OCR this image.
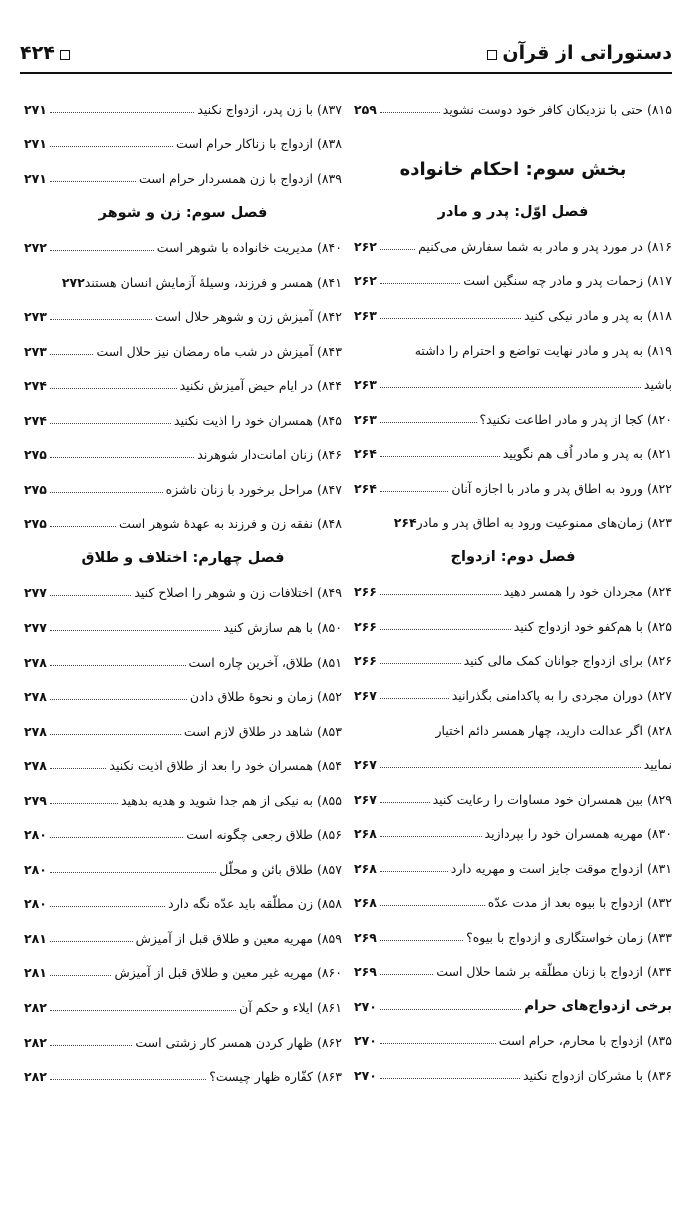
دستوراتی از قرآن
۴۲۴
۸۱۵) حتی با نزدیکان کافر خود دوست نشوید
۲۵۹
بخش سوم: احکام خانواده
فصل اوّل: پدر و مادر
۸۱۶) در مورد پدر و مادر به شما سفارش می‌کنیم
۲۶۲
۸۱۷) زحمات پدر و مادر چه سنگین است
۲۶۲
۸۱۸) به پدر و مادر نیکی کنید
۲۶۳
۸۱۹) به پدر و مادر نهایت تواضع و احترام را داشته
باشید
۲۶۳
۸۲۰) کجا از پدر و مادر اطاعت نکنید؟
۲۶۳
۸۲۱) به پدر و مادر اُف هم نگویید
۲۶۴
۸۲۲) ورود به اطاق پدر و مادر با اجازه آنان
۲۶۴
۸۲۳) زمان‌های ممنوعیت ورود به اطاق پدر و مادر
۲۶۴
فصل دوم: ازدواج
۸۲۴) مجردان خود را همسر دهید
۲۶۶
۸۲۵) با هم‌کفو خود ازدواج کنید
۲۶۶
۸۲۶) برای ازدواج جوانان کمک مالی کنید
۲۶۶
۸۲۷) دوران مجردی را به پاکدامنی بگذرانید
۲۶۷
۸۲۸) اگر عدالت دارید، چهار همسر دائم اختیار
نمایید
۲۶۷
۸۲۹) بین همسران خود مساوات را رعایت کنید
۲۶۷
۸۳۰) مهریه همسران خود را بپردازید
۲۶۸
۸۳۱) ازدواج موقت جایز است و مهریه دارد
۲۶۸
۸۳۲) ازدواج با بیوه بعد از مدت عدّه
۲۶۸
۸۳۳) زمان خواستگاری و ازدواج با بیوه؟
۲۶۹
۸۳۴) ازدواج با زنان مطلّقه بر شما حلال است
۲۶۹
برخی ازدواج‌های حرام
۲۷۰
۸۳۵) ازدواج با محارم، حرام است
۲۷۰
۸۳۶) با مشرکان ازدواج نکنید
۲۷۰
۸۳۷) با زن پدر، ازدواج نکنید
۲۷۱
۸۳۸) ازدواج با زناکار حرام است
۲۷۱
۸۳۹) ازدواج با زن همسردار حرام است
۲۷۱
فصل سوم: زن و شوهر
۸۴۰) مدیریت خانواده با شوهر است
۲۷۲
۸۴۱) همسر و فرزند، وسیلهٔ آزمایش انسان هستند
۲۷۲
۸۴۲) آمیزش زن و شوهر حلال است
۲۷۳
۸۴۳) آمیزش در شب ماه رمضان نیز حلال است
۲۷۳
۸۴۴) در ایام حیض آمیزش نکنید
۲۷۴
۸۴۵) همسران خود را اذیت نکنید
۲۷۴
۸۴۶) زنان امانت‌دار شوهرند
۲۷۵
۸۴۷) مراحل برخورد با زنان ناشزه
۲۷۵
۸۴۸) نفقه زن و فرزند به عهدهٔ شوهر است
۲۷۵
فصل چهارم: اختلاف و طلاق
۸۴۹) اختلافات زن و شوهر را اصلاح کنید
۲۷۷
۸۵۰) با هم سازش کنید
۲۷۷
۸۵۱) طلاق، آخرین چاره است
۲۷۸
۸۵۲) زمان و نحوهٔ طلاق دادن
۲۷۸
۸۵۳) شاهد در طلاق لازم است
۲۷۸
۸۵۴) همسران خود را بعد از طلاق اذیت نکنید
۲۷۸
۸۵۵) به نیکی از هم جدا شوید و هدیه بدهید
۲۷۹
۸۵۶) طلاق رجعی چگونه است
۲۸۰
۸۵۷) طلاق بائن و محلّل
۲۸۰
۸۵۸) زن مطلّقه باید عدّه نگه دارد
۲۸۰
۸۵۹) مهریه معین و طلاق قبل از آمیزش
۲۸۱
۸۶۰) مهریه غیر معین و طلاق قبل از آمیزش
۲۸۱
۸۶۱) ایلاء و حکم آن
۲۸۲
۸۶۲) ظهار کردن همسر کار زشتی است
۲۸۲
۸۶۳) کفّاره ظهار چیست؟
۲۸۲
